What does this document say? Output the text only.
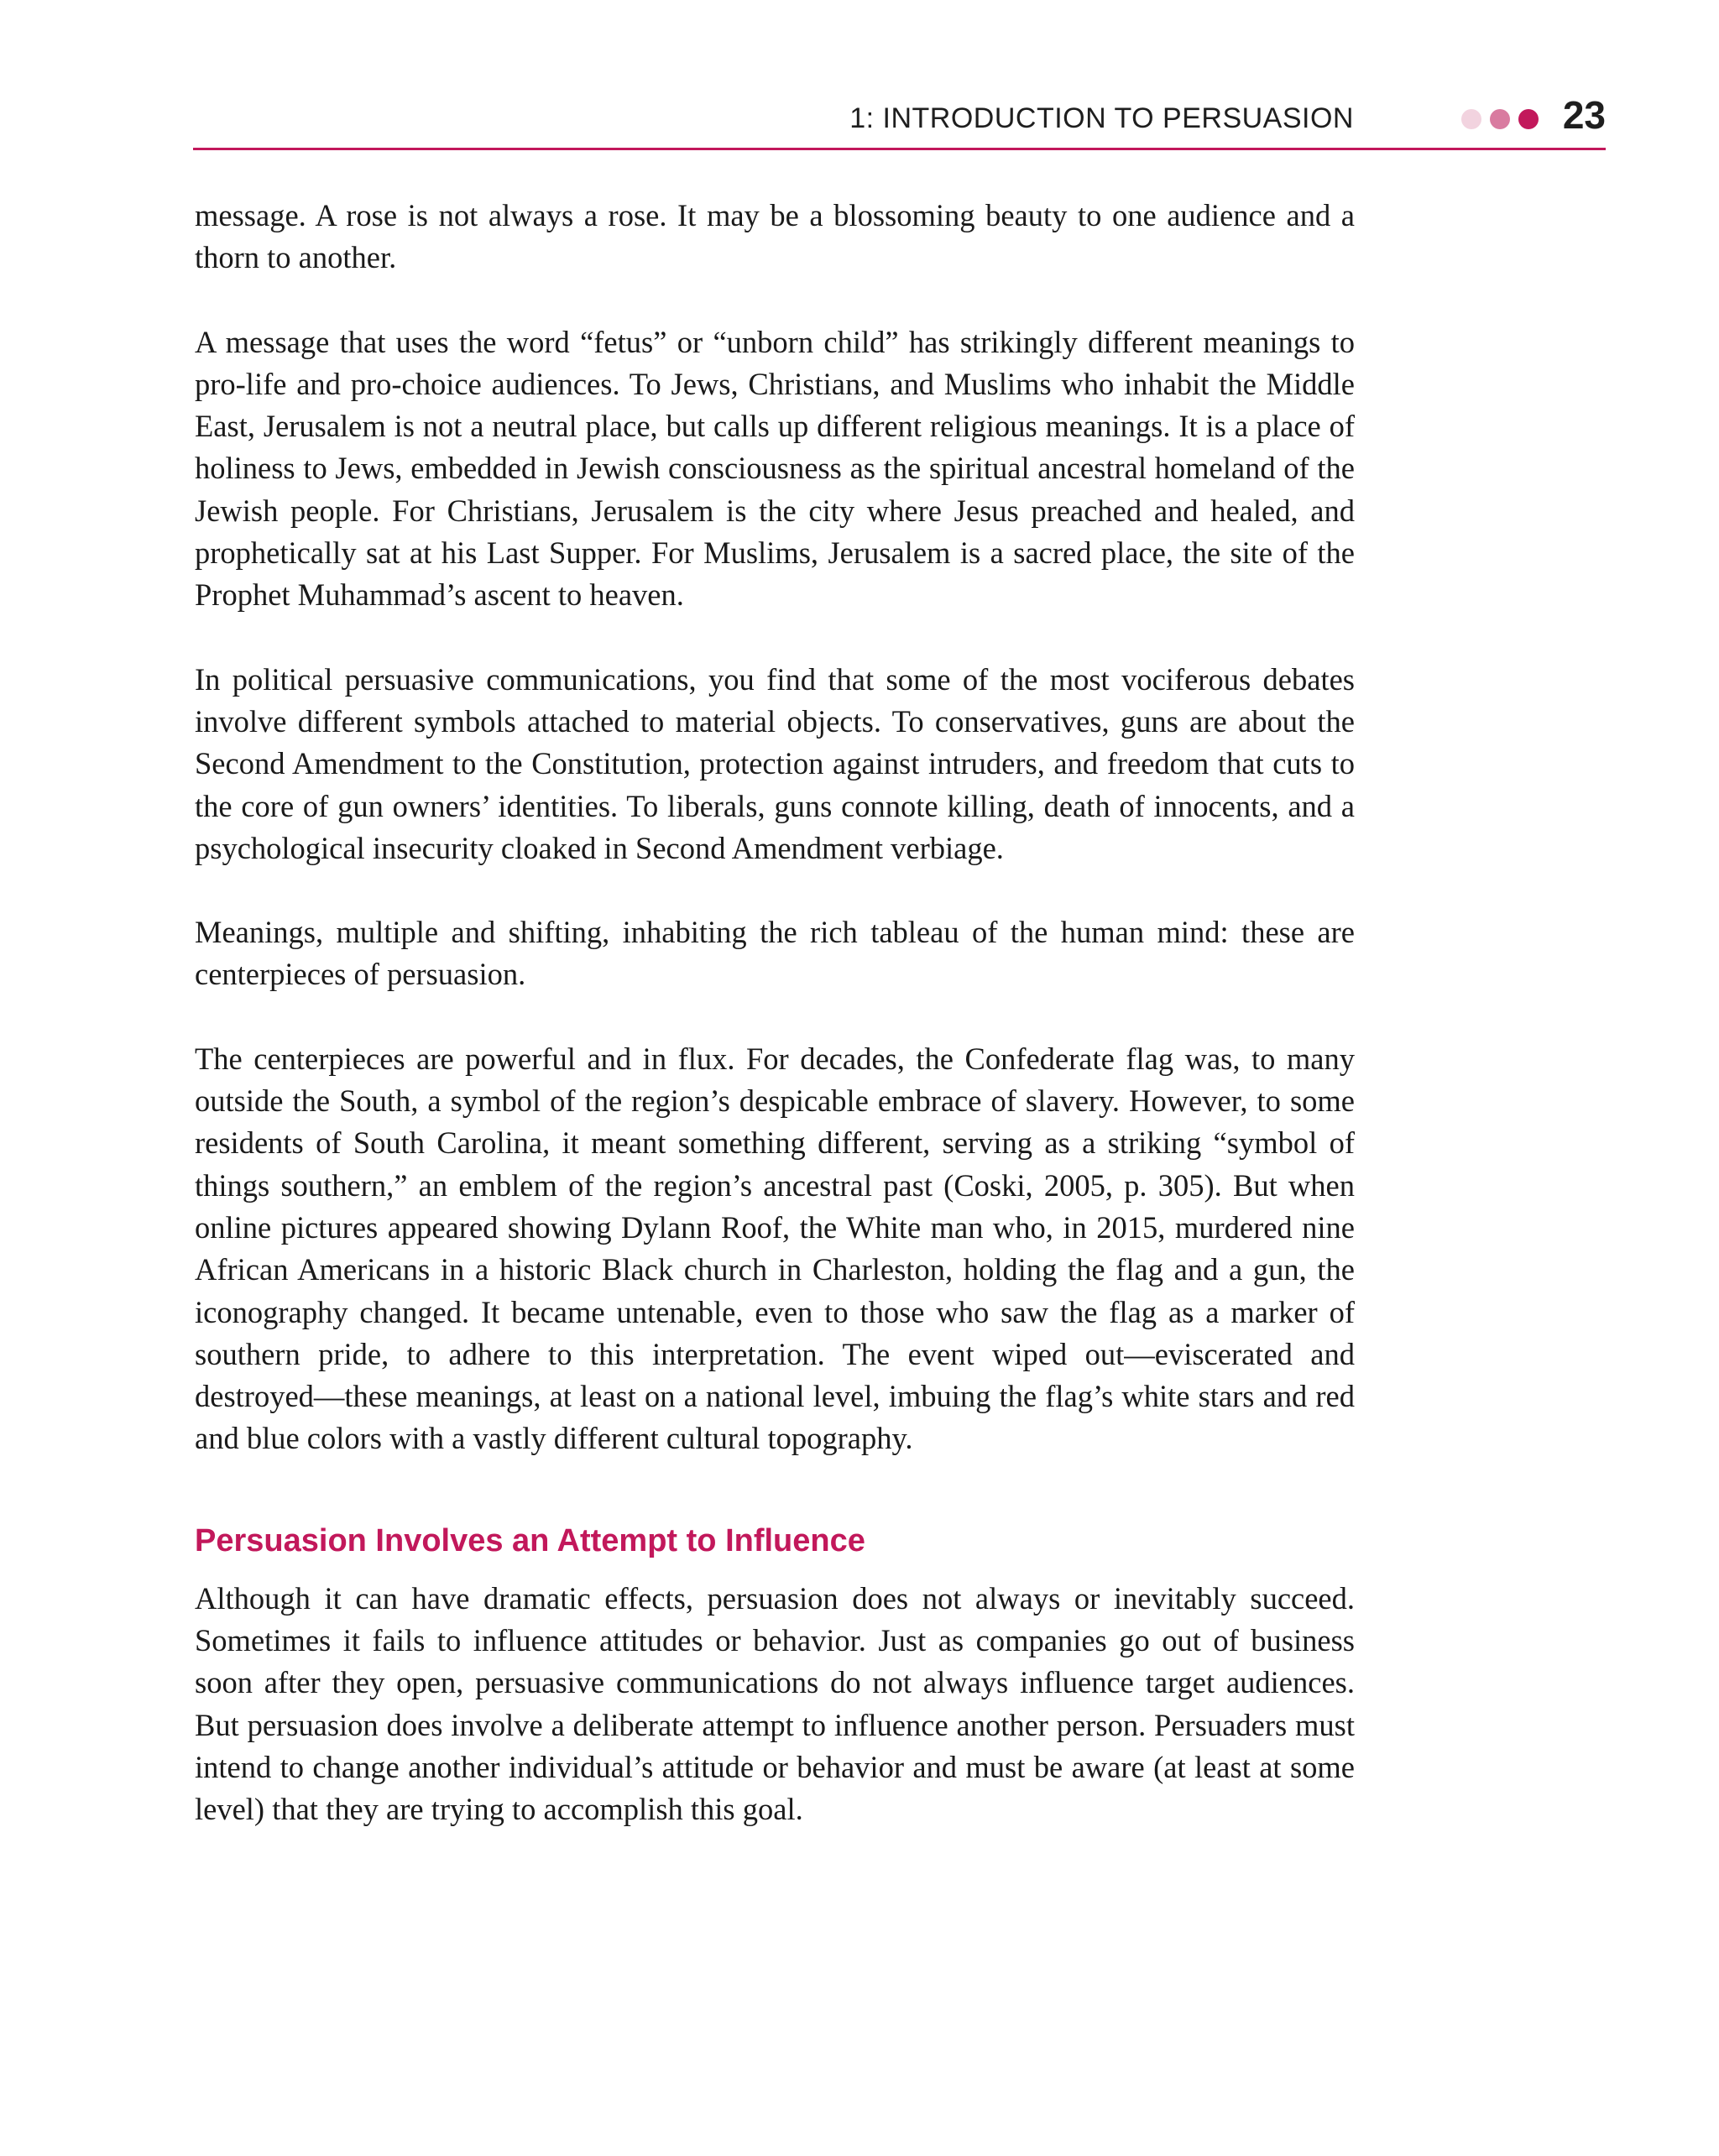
1: INTRODUCTION TO PERSUASION	23

message. A rose is not always a rose. It may be a blossoming beauty to one audience and a thorn to another.

A message that uses the word “fetus” or “unborn child” has strikingly different meanings to pro-life and pro-choice audiences. To Jews, Christians, and Muslims who inhabit the Middle East, Jerusalem is not a neutral place, but calls up different religious meanings. It is a place of holiness to Jews, embedded in Jewish consciousness as the spiritual ancestral homeland of the Jewish people. For Christians, Jerusalem is the city where Jesus preached and healed, and prophetically sat at his Last Supper. For Muslims, Jerusalem is a sacred place, the site of the Prophet Muhammad’s ascent to heaven.

In political persuasive communications, you find that some of the most vociferous debates involve different symbols attached to material objects. To conservatives, guns are about the Second Amendment to the Constitution, protection against intruders, and freedom that cuts to the core of gun owners’ identities. To liberals, guns connote killing, death of innocents, and a psychological insecurity cloaked in Second Amendment verbiage.

Meanings, multiple and shifting, inhabiting the rich tableau of the human mind: these are centerpieces of persuasion.

The centerpieces are powerful and in flux. For decades, the Confederate flag was, to many outside the South, a symbol of the region’s despicable embrace of slavery. However, to some residents of South Carolina, it meant something different, serving as a striking “symbol of things southern,” an emblem of the region’s ancestral past (Coski, 2005, p. 305). But when online pictures appeared showing Dylann Roof, the White man who, in 2015, murdered nine African Americans in a historic Black church in Charleston, holding the flag and a gun, the iconography changed. It became untenable, even to those who saw the flag as a marker of southern pride, to adhere to this interpretation. The event wiped out—eviscerated and destroyed—these meanings, at least on a national level, imbuing the flag’s white stars and red and blue colors with a vastly different cultural topography.

Persuasion Involves an Attempt to Influence

Although it can have dramatic effects, persuasion does not always or inevitably succeed. Sometimes it fails to influence attitudes or behavior. Just as companies go out of business soon after they open, persuasive communications do not always influence target audiences. But persuasion does involve a deliberate attempt to influence another person. Persuaders must intend to change another individual’s attitude or behavior and must be aware (at least at some level) that they are trying to accomplish this goal.
